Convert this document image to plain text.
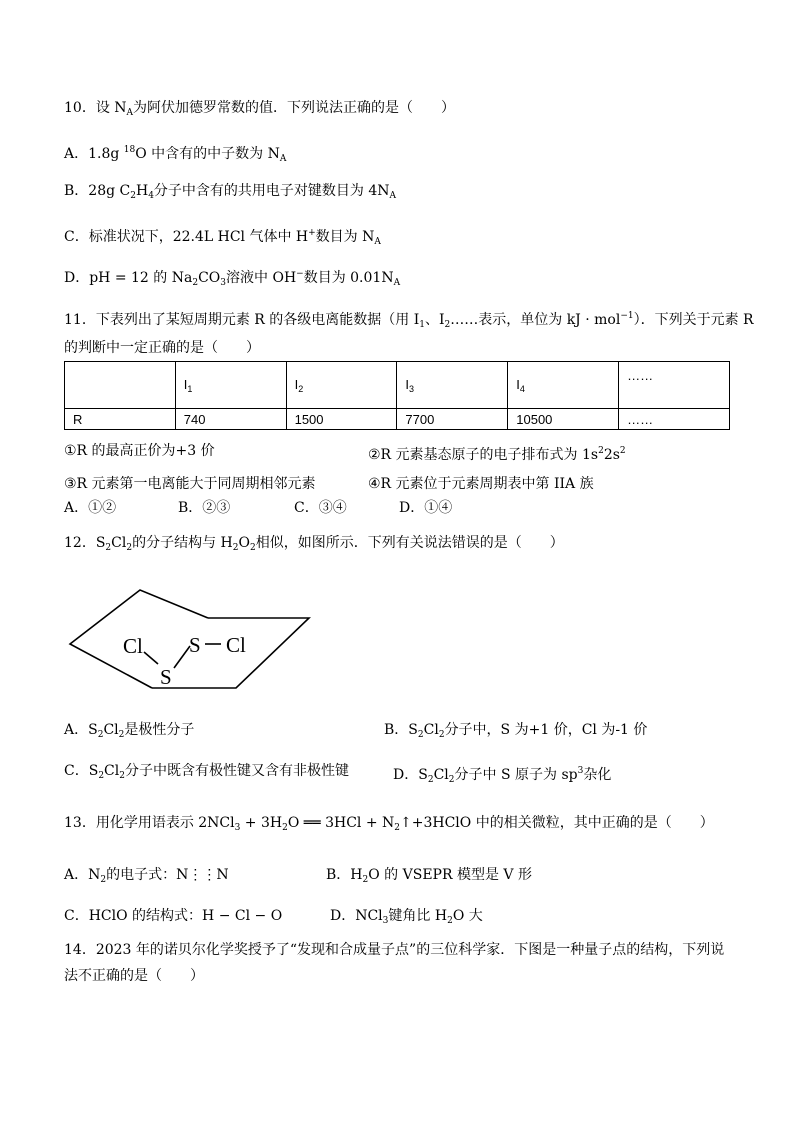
10．设 $N_A$为阿伏加德罗常数的值．下列说法正确的是（　　）
A．1.8g $^{18}$O 中含有的中子数为 $N_A$
B．28g $C_2H_4$分子中含有的共用电子对键数目为 $4N_A$
C．标准状况下，22.4L HCl 气体中 H+数目为 $N_A$
D．pH = 12 的 $Na_2CO_3$溶液中 OH−数目为 $0.01N_A$
11．下表列出了某短周期元素 R 的各级电离能数据（用 $I_1$、$I_2\dots\dots$表示，单位为 kJ · mol$^{-1}$）．下列关于元素 R
的判断中一定正确的是（　　）
	$I_1$	$I_2$	$I_3$	$I_4$	……
R	740	1500	7700	10500	……
①R 的最高正价为+3 价	②R 元素基态原子的电子排布式为 $1s^22s^2$
③R 元素第一电离能大于同周期相邻元素	④R 元素位于元素周期表中第 IIA 族
A．①②	B．②③	C．③④	D．①④
12．$S_2Cl_2$的分子结构与 $H_2O_2$相似，如图所示．下列有关说法错误的是（　　）
Cl S Cl
S
A．$S_2Cl_2$是极性分子	B．$S_2Cl_2$分子中，S 为+1 价，Cl 为-1 价
C．$S_2Cl_2$分子中既含有极性键又含有非极性键	D．$S_2Cl_2$分子中 S 原子为 $sp^3$杂化
13．用化学用语表示 $2NCl_3 + 3H_2O$ ══ $3HCl + N_2↑+3HClO$ 中的相关微粒，其中正确的是（　　）
A．$N_2$的电子式：N⋮⋮N	B．$H_2O$ 的 VSEPR 模型是 V 形
C．HClO 的结构式：H − Cl − O	D．NCl$_3$键角比 $H_2O$ 大
14．2023 年的诺贝尔化学奖授予了“发现和合成量子点”的三位科学家．下图是一种量子点的结构，下列说
法不正确的是（　　）
